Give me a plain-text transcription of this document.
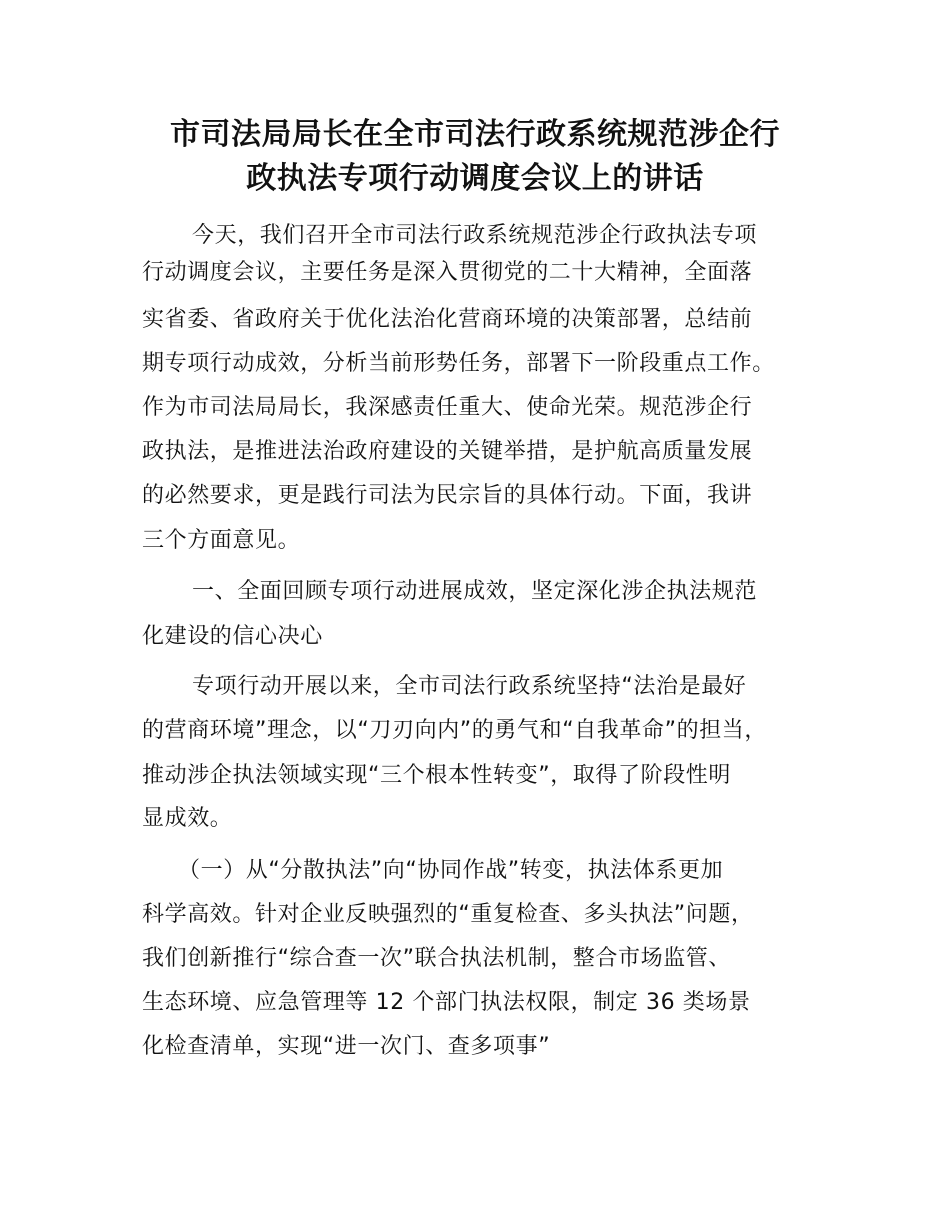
市司法局局长在全市司法行政系统规范涉企行
政执法专项行动调度会议上的讲话
今天，我们召开全市司法行政系统规范涉企行政执法专项
行动调度会议，主要任务是深入贯彻党的二十大精神，全面落
实省委、省政府关于优化法治化营商环境的决策部署，总结前
期专项行动成效，分析当前形势任务，部署下一阶段重点工作。
作为市司法局局长，我深感责任重大、使命光荣。规范涉企行
政执法，是推进法治政府建设的关键举措，是护航高质量发展
的必然要求，更是践行司法为民宗旨的具体行动。下面，我讲
三个方面意见。
一、全面回顾专项行动进展成效，坚定深化涉企执法规范
化建设的信心决心
专项行动开展以来，全市司法行政系统坚持“法治是最好
的营商环境”理念，以“刀刃向内”的勇气和“自我革命”的担当，
推动涉企执法领域实现“三个根本性转变”，取得了阶段性明
显成效。
（一）从“分散执法”向“协同作战”转变，执法体系更加
科学高效。针对企业反映强烈的“重复检查、多头执法”问题，
我们创新推行“综合查一次”联合执法机制，整合市场监管、
生态环境、应急管理等 12 个部门执法权限，制定 36 类场景
化检查清单，实现“进一次门、查多项事”
